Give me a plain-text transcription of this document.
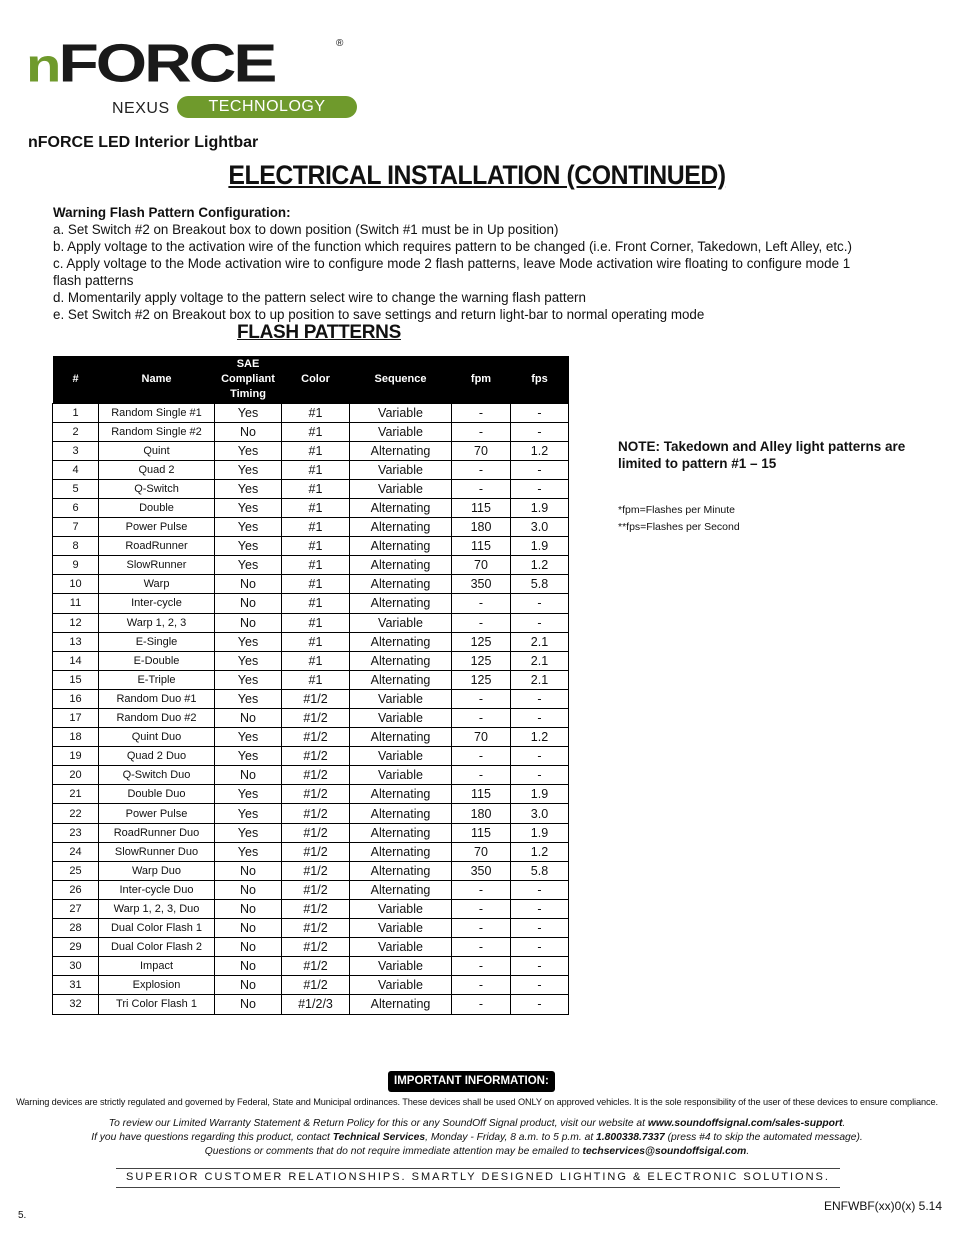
nFORCE	®
NEXUS	TECHNOLOGY
nFORCE LED Interior Lightbar
ELECTRICAL INSTALLATION (CONTINUED)
Warning Flash Pattern Configuration:
a. Set Switch #2 on Breakout box to down position (Switch #1 must be in Up position)
b. Apply voltage to the activation wire of the function which requires pattern to be changed (i.e. Front Corner, Takedown, Left Alley, etc.)
c. Apply voltage to the Mode activation wire to configure mode 2 flash patterns, leave Mode activation wire floating to configure mode 1 flash patterns
d. Momentarily apply voltage to the pattern select wire to change the warning flash pattern
e. Set Switch #2 on Breakout box to up position to save settings and return light-bar to normal operating mode
FLASH PATTERNS
#	Name	SAE Compliant Timing	Color	Sequence	fpm	fps
1	Random Single #1	Yes	#1	Variable	-	-
2	Random Single #2	No	#1	Variable	-	-
3	Quint	Yes	#1	Alternating	70	1.2
4	Quad 2	Yes	#1	Variable	-	-
5	Q-Switch	Yes	#1	Variable	-	-
6	Double	Yes	#1	Alternating	115	1.9
7	Power Pulse	Yes	#1	Alternating	180	3.0
8	RoadRunner	Yes	#1	Alternating	115	1.9
9	SlowRunner	Yes	#1	Alternating	70	1.2
10	Warp	No	#1	Alternating	350	5.8
11	Inter-cycle	No	#1	Alternating	-	-
12	Warp 1, 2, 3	No	#1	Variable	-	-
13	E-Single	Yes	#1	Alternating	125	2.1
14	E-Double	Yes	#1	Alternating	125	2.1
15	E-Triple	Yes	#1	Alternating	125	2.1
16	Random Duo #1	Yes	#1/2	Variable	-	-
17	Random Duo #2	No	#1/2	Variable	-	-
18	Quint Duo	Yes	#1/2	Alternating	70	1.2
19	Quad 2 Duo	Yes	#1/2	Variable	-	-
20	Q-Switch Duo	No	#1/2	Variable	-	-
21	Double Duo	Yes	#1/2	Alternating	115	1.9
22	Power Pulse	Yes	#1/2	Alternating	180	3.0
23	RoadRunner Duo	Yes	#1/2	Alternating	115	1.9
24	SlowRunner Duo	Yes	#1/2	Alternating	70	1.2
25	Warp Duo	No	#1/2	Alternating	350	5.8
26	Inter-cycle Duo	No	#1/2	Alternating	-	-
27	Warp 1, 2, 3, Duo	No	#1/2	Variable	-	-
28	Dual Color Flash 1	No	#1/2	Variable	-	-
29	Dual Color Flash 2	No	#1/2	Variable	-	-
30	Impact	No	#1/2	Variable	-	-
31	Explosion	No	#1/2	Variable	-	-
32	Tri Color Flash 1	No	#1/2/3	Alternating	-	-
NOTE: Takedown and Alley light patterns are limited to pattern #1 – 15
*fpm=Flashes per Minute
**fps=Flashes per Second
IMPORTANT INFORMATION:
Warning devices are strictly regulated and governed by Federal, State and Municipal ordinances. These devices shall be used ONLY on approved vehicles. It is the sole responsibility of the user of these devices to ensure compliance.
To review our Limited Warranty Statement & Return Policy for this or any SoundOff Signal product, visit our website at www.soundoffsignal.com/sales-support.
If you have questions regarding this product, contact Technical Services, Monday - Friday, 8 a.m. to 5 p.m. at 1.800338.7337 (press #4 to skip the automated message).
Questions or comments that do not require immediate attention may be emailed to techservices@soundoffsigal.com.
SUPERIOR CUSTOMER RELATIONSHIPS. SMARTLY DESIGNED LIGHTING & ELECTRONIC SOLUTIONS.
ENFWBF(xx)0(x) 5.14
5.
